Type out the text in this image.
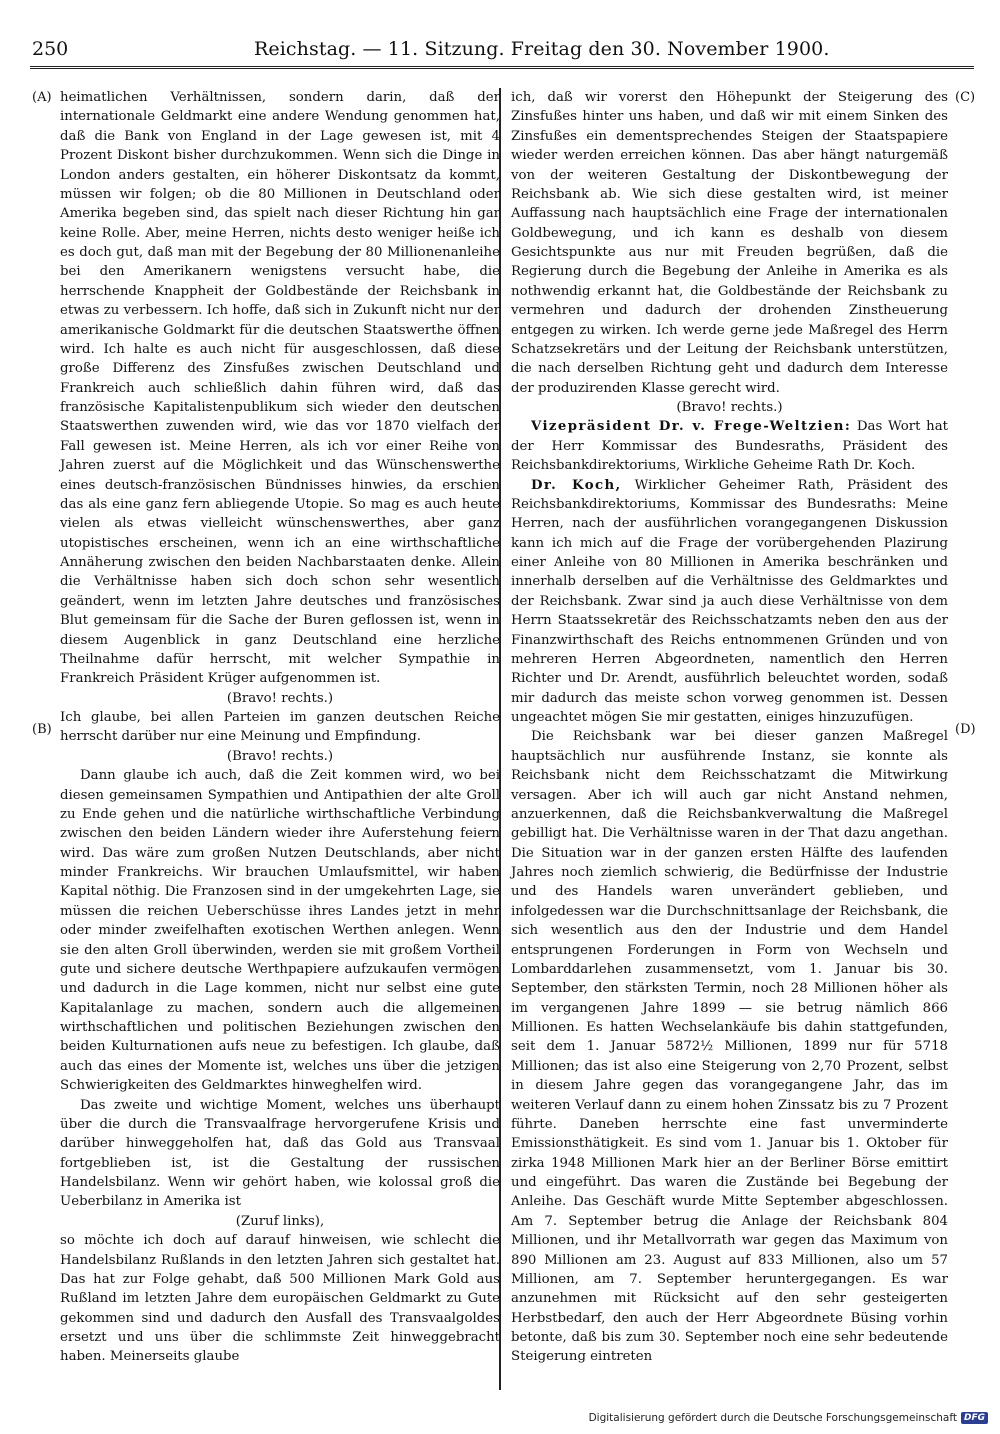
250	Reichstag. — 11. Sitzung. Freitag den 30. November 1900.
(A)
(B)
(C)
(D)

heimatlichen Verhältnissen, sondern darin, daß der internationale Geldmarkt eine andere Wendung genommen hat, daß die Bank von England in der Lage gewesen ist, mit 4 Prozent Diskont bisher durchzukommen. Wenn sich die Dinge in London anders gestalten, ein höherer Diskontsatz da kommt, müssen wir folgen; ob die 80 Millionen in Deutschland oder Amerika begeben sind, das spielt nach dieser Richtung hin gar keine Rolle. Aber, meine Herren, nichts desto weniger heiße ich es doch gut, daß man mit der Begebung der 80 Millionenanleihe bei den Amerikanern wenigstens versucht habe, die herrschende Knappheit der Goldbestände der Reichsbank in etwas zu verbessern. Ich hoffe, daß sich in Zukunft nicht nur der amerikanische Goldmarkt für die deutschen Staatswerthe öffnen wird. Ich halte es auch nicht für ausgeschlossen, daß diese große Differenz des Zinsfußes zwischen Deutschland und Frankreich auch schließlich dahin führen wird, daß das französische Kapitalistenpublikum sich wieder den deutschen Staatswerthen zuwenden wird, wie das vor 1870 vielfach der Fall gewesen ist. Meine Herren, als ich vor einer Reihe von Jahren zuerst auf die Möglichkeit und das Wünschenswerthe eines deutsch-französischen Bündnisses hinwies, da erschien das als eine ganz fern abliegende Utopie. So mag es auch heute vielen als etwas vielleicht wünschenswerthes, aber ganz utopistisches erscheinen, wenn ich an eine wirthschaftliche Annäherung zwischen den beiden Nachbarstaaten denke. Allein die Verhältnisse haben sich doch schon sehr wesentlich geändert, wenn im letzten Jahre deutsches und französisches Blut gemeinsam für die Sache der Buren geflossen ist, wenn in diesem Augenblick in ganz Deutschland eine herzliche Theilnahme dafür herrscht, mit welcher Sympathie in Frankreich Präsident Krüger aufgenommen ist.

(Bravo! rechts.)

Ich glaube, bei allen Parteien im ganzen deutschen Reiche herrscht darüber nur eine Meinung und Empfindung.

(Bravo! rechts.)

Dann glaube ich auch, daß die Zeit kommen wird, wo bei diesen gemeinsamen Sympathien und Antipathien der alte Groll zu Ende gehen und die natürliche wirthschaftliche Verbindung zwischen den beiden Ländern wieder ihre Auferstehung feiern wird. Das wäre zum großen Nutzen Deutschlands, aber nicht minder Frankreichs. Wir brauchen Umlaufsmittel, wir haben Kapital nöthig. Die Franzosen sind in der umgekehrten Lage, sie müssen die reichen Ueberschüsse ihres Landes jetzt in mehr oder minder zweifelhaften exotischen Werthen anlegen. Wenn sie den alten Groll überwinden, werden sie mit großem Vortheil gute und sichere deutsche Werthpapiere aufzukaufen vermögen und dadurch in die Lage kommen, nicht nur selbst eine gute Kapitalanlage zu machen, sondern auch die allgemeinen wirthschaftlichen und politischen Beziehungen zwischen den beiden Kulturnationen aufs neue zu befestigen. Ich glaube, daß auch das eines der Momente ist, welches uns über die jetzigen Schwierigkeiten des Geldmarktes hinweghelfen wird.

Das zweite und wichtige Moment, welches uns überhaupt über die durch die Transvaalfrage hervorgerufene Krisis und darüber hinweggeholfen hat, daß das Gold aus Transvaal fortgeblieben ist, ist die Gestaltung der russischen Handelsbilanz. Wenn wir gehört haben, wie kolossal groß die Ueberbilanz in Amerika ist

(Zuruf links),

so möchte ich doch auf darauf hinweisen, wie schlecht die Handelsbilanz Rußlands in den letzten Jahren sich gestaltet hat. Das hat zur Folge gehabt, daß 500 Millionen Mark Gold aus Rußland im letzten Jahre dem europäischen Geldmarkt zu Gute gekommen sind und dadurch den Ausfall des Transvaalgoldes ersetzt und uns über die schlimmste Zeit hinweggebracht haben. Meinerseits glaube

ich, daß wir vorerst den Höhepunkt der Steigerung des Zinsfußes hinter uns haben, und daß wir mit einem Sinken des Zinsfußes ein dementsprechendes Steigen der Staatspapiere wieder werden erreichen können. Das aber hängt naturgemäß von der weiteren Gestaltung der Diskontbewegung der Reichsbank ab. Wie sich diese gestalten wird, ist meiner Auffassung nach hauptsächlich eine Frage der internationalen Goldbewegung, und ich kann es deshalb von diesem Gesichtspunkte aus nur mit Freuden begrüßen, daß die Regierung durch die Begebung der Anleihe in Amerika es als nothwendig erkannt hat, die Goldbestände der Reichsbank zu vermehren und dadurch der drohenden Zinstheuerung entgegen zu wirken. Ich werde gerne jede Maßregel des Herrn Schatzsekretärs und der Leitung der Reichsbank unterstützen, die nach derselben Richtung geht und dadurch dem Interesse der produzirenden Klasse gerecht wird.

(Bravo! rechts.)

Vizepräsident Dr. v. Frege-Weltzien: Das Wort hat der Herr Kommissar des Bundesraths, Präsident des Reichsbankdirektoriums, Wirkliche Geheime Rath Dr. Koch.

Dr. Koch, Wirklicher Geheimer Rath, Präsident des Reichsbankdirektoriums, Kommissar des Bundesraths: Meine Herren, nach der ausführlichen vorangegangenen Diskussion kann ich mich auf die Frage der vorübergehenden Plazirung einer Anleihe von 80 Millionen in Amerika beschränken und innerhalb derselben auf die Verhältnisse des Geldmarktes und der Reichsbank. Zwar sind ja auch diese Verhältnisse von dem Herrn Staatssekretär des Reichsschatzamts neben den aus der Finanzwirthschaft des Reichs entnommenen Gründen und von mehreren Herren Abgeordneten, namentlich den Herren Richter und Dr. Arendt, ausführlich beleuchtet worden, sodaß mir dadurch das meiste schon vorweg genommen ist. Dessen ungeachtet mögen Sie mir gestatten, einiges hinzuzufügen.

Die Reichsbank war bei dieser ganzen Maßregel hauptsächlich nur ausführende Instanz, sie konnte als Reichsbank nicht dem Reichsschatzamt die Mitwirkung versagen. Aber ich will auch gar nicht Anstand nehmen, anzuerkennen, daß die Reichsbankverwaltung die Maßregel gebilligt hat. Die Verhältnisse waren in der That dazu angethan. Die Situation war in der ganzen ersten Hälfte des laufenden Jahres noch ziemlich schwierig, die Bedürfnisse der Industrie und des Handels waren unverändert geblieben, und infolgedessen war die Durchschnittsanlage der Reichsbank, die sich wesentlich aus den der Industrie und dem Handel entsprungenen Forderungen in Form von Wechseln und Lombarddarlehen zusammensetzt, vom 1. Januar bis 30. September, den stärksten Termin, noch 28 Millionen höher als im vergangenen Jahre 1899 — sie betrug nämlich 866 Millionen. Es hatten Wechselankäufe bis dahin stattgefunden, seit dem 1. Januar 5872½ Millionen, 1899 nur für 5718 Millionen; das ist also eine Steigerung von 2,70 Prozent, selbst in diesem Jahre gegen das vorangegangene Jahr, das im weiteren Verlauf dann zu einem hohen Zinssatz bis zu 7 Prozent führte. Daneben herrschte eine fast unverminderte Emissionsthätigkeit. Es sind vom 1. Januar bis 1. Oktober für zirka 1948 Millionen Mark hier an der Berliner Börse emittirt und eingeführt. Das waren die Zustände bei Begebung der Anleihe. Das Geschäft wurde Mitte September abgeschlossen. Am 7. September betrug die Anlage der Reichsbank 804 Millionen, und ihr Metallvorrath war gegen das Maximum von 890 Millionen am 23. August auf 833 Millionen, also um 57 Millionen, am 7. September heruntergegangen. Es war anzunehmen mit Rücksicht auf den sehr gesteigerten Herbstbedarf, den auch der Herr Abgeordnete Büsing vorhin betonte, daß bis zum 30. September noch eine sehr bedeutende Steigerung eintreten

Digitalisierung gefördert durch die Deutsche Forschungsgemeinschaft DFG
